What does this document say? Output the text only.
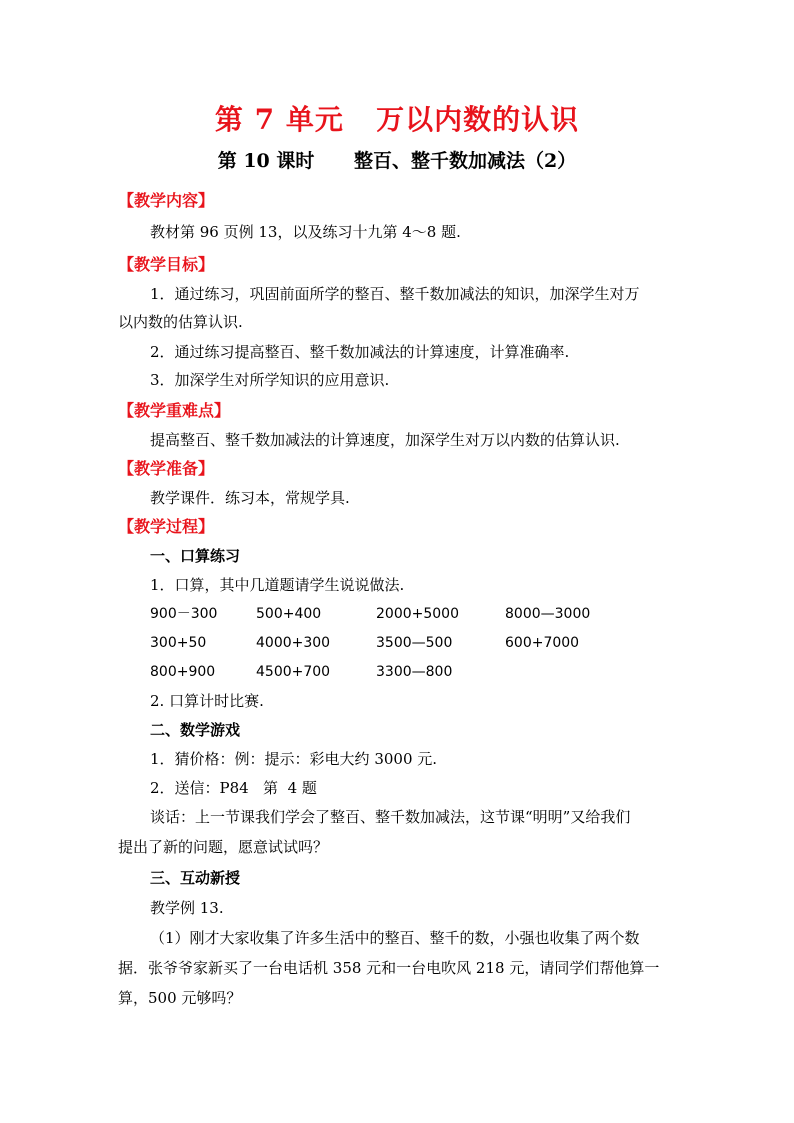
第 7 单元   万以内数的认识
第 10 课时      整百、整千数加减法（2）
【教学内容】
教材第 96 页例 13，以及练习十九第 4～8 题.
【教学目标】
1．通过练习，巩固前面所学的整百、整千数加减法的知识，加深学生对万
以内数的估算认识.
2．通过练习提高整百、整千数加减法的计算速度，计算准确率.
3．加深学生对所学知识的应用意识.
【教学重难点】
提高整百、整千数加减法的计算速度，加深学生对万以内数的估算认识.
【教学准备】
教学课件．练习本，常规学具.
【教学过程】
一、口算练习
1．口算，其中几道题请学生说说做法.
900－300	500+400	2000+5000	8000—3000
300+50	4000+300	3500—500	600+7000
800+900	4500+700	3300—800
2. 口算计时比赛.
二、数学游戏
1．猜价格：例：提示：彩电大约 3000 元.
2．送信：P84   第  4 题
谈话：上一节课我们学会了整百、整千数加减法，这节课“明明”又给我们
提出了新的问题，愿意试试吗？
三、互动新授
教学例 13.
（1）刚才大家收集了许多生活中的整百、整千的数，小强也收集了两个数
据．张爷爷家新买了一台电话机 358 元和一台电吹风 218 元，请同学们帮他算一
算，500 元够吗？
